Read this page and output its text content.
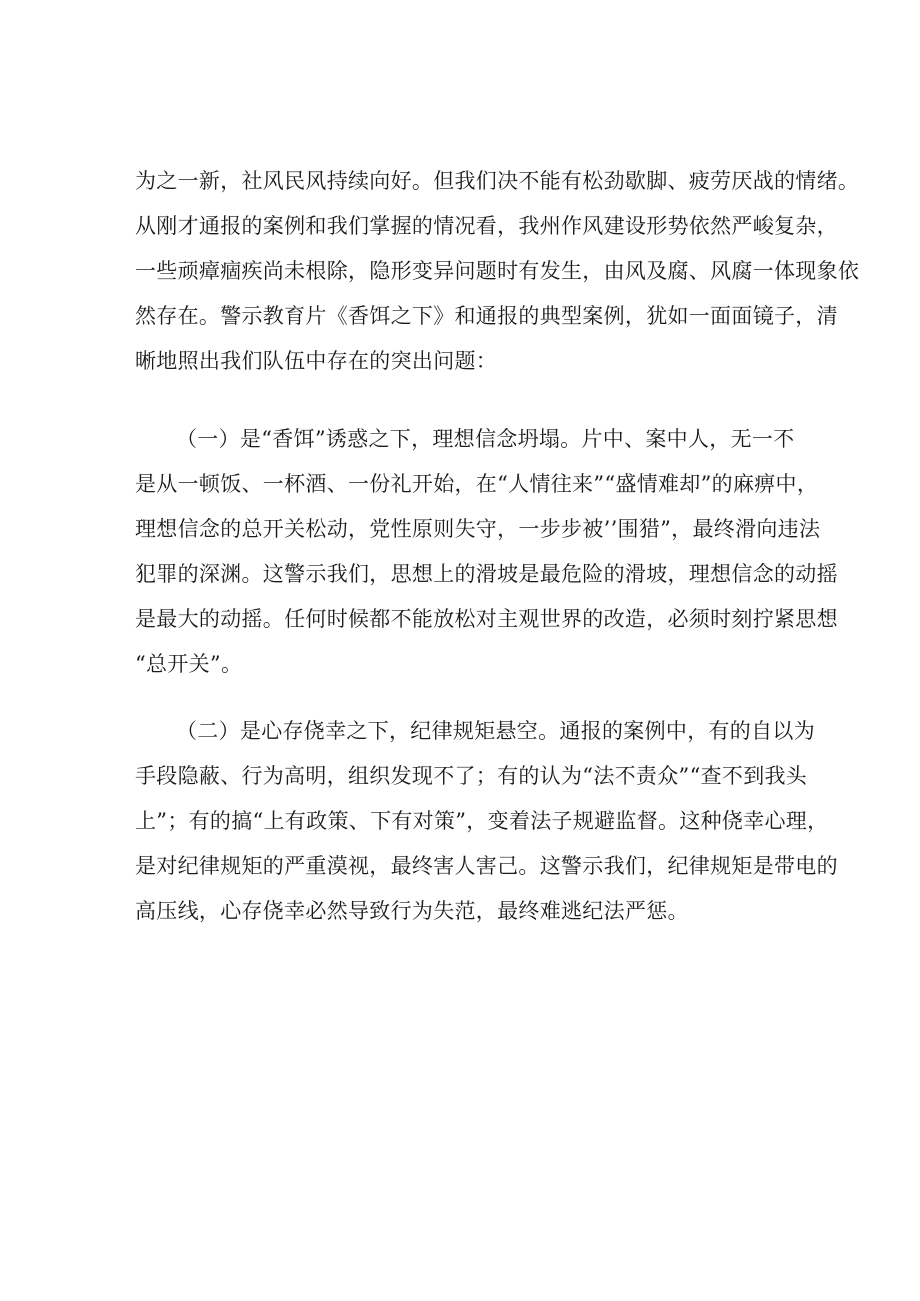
为之一新，社风民风持续向好。但我们决不能有松劲歇脚、疲劳厌战的情绪。
从刚才通报的案例和我们掌握的情况看，我州作风建设形势依然严峻复杂，
一些顽瘴痼疾尚未根除，隐形变异问题时有发生，由风及腐、风腐一体现象依
然存在。警示教育片《香饵之下》和通报的典型案例，犹如一面面镜子，清
晰地照出我们队伍中存在的突出问题：
（一）是“香饵”诱惑之下，理想信念坍塌。片中、案中人，无一不
是从一顿饭、一杯酒、一份礼开始，在“人情往来”“盛情难却”的麻痹中，
理想信念的总开关松动，党性原则失守，一步步被’’围猎”，最终滑向违法
犯罪的深渊。这警示我们，思想上的滑坡是最危险的滑坡，理想信念的动摇
是最大的动摇。任何时候都不能放松对主观世界的改造，必须时刻拧紧思想
“总开关”。
（二）是心存侥幸之下，纪律规矩悬空。通报的案例中，有的自以为
手段隐蔽、行为高明，组织发现不了；有的认为“法不责众”“查不到我头
上”；有的搞“上有政策、下有对策”，变着法子规避监督。这种侥幸心理，
是对纪律规矩的严重漠视，最终害人害己。这警示我们，纪律规矩是带电的
高压线，心存侥幸必然导致行为失范，最终难逃纪法严惩。
